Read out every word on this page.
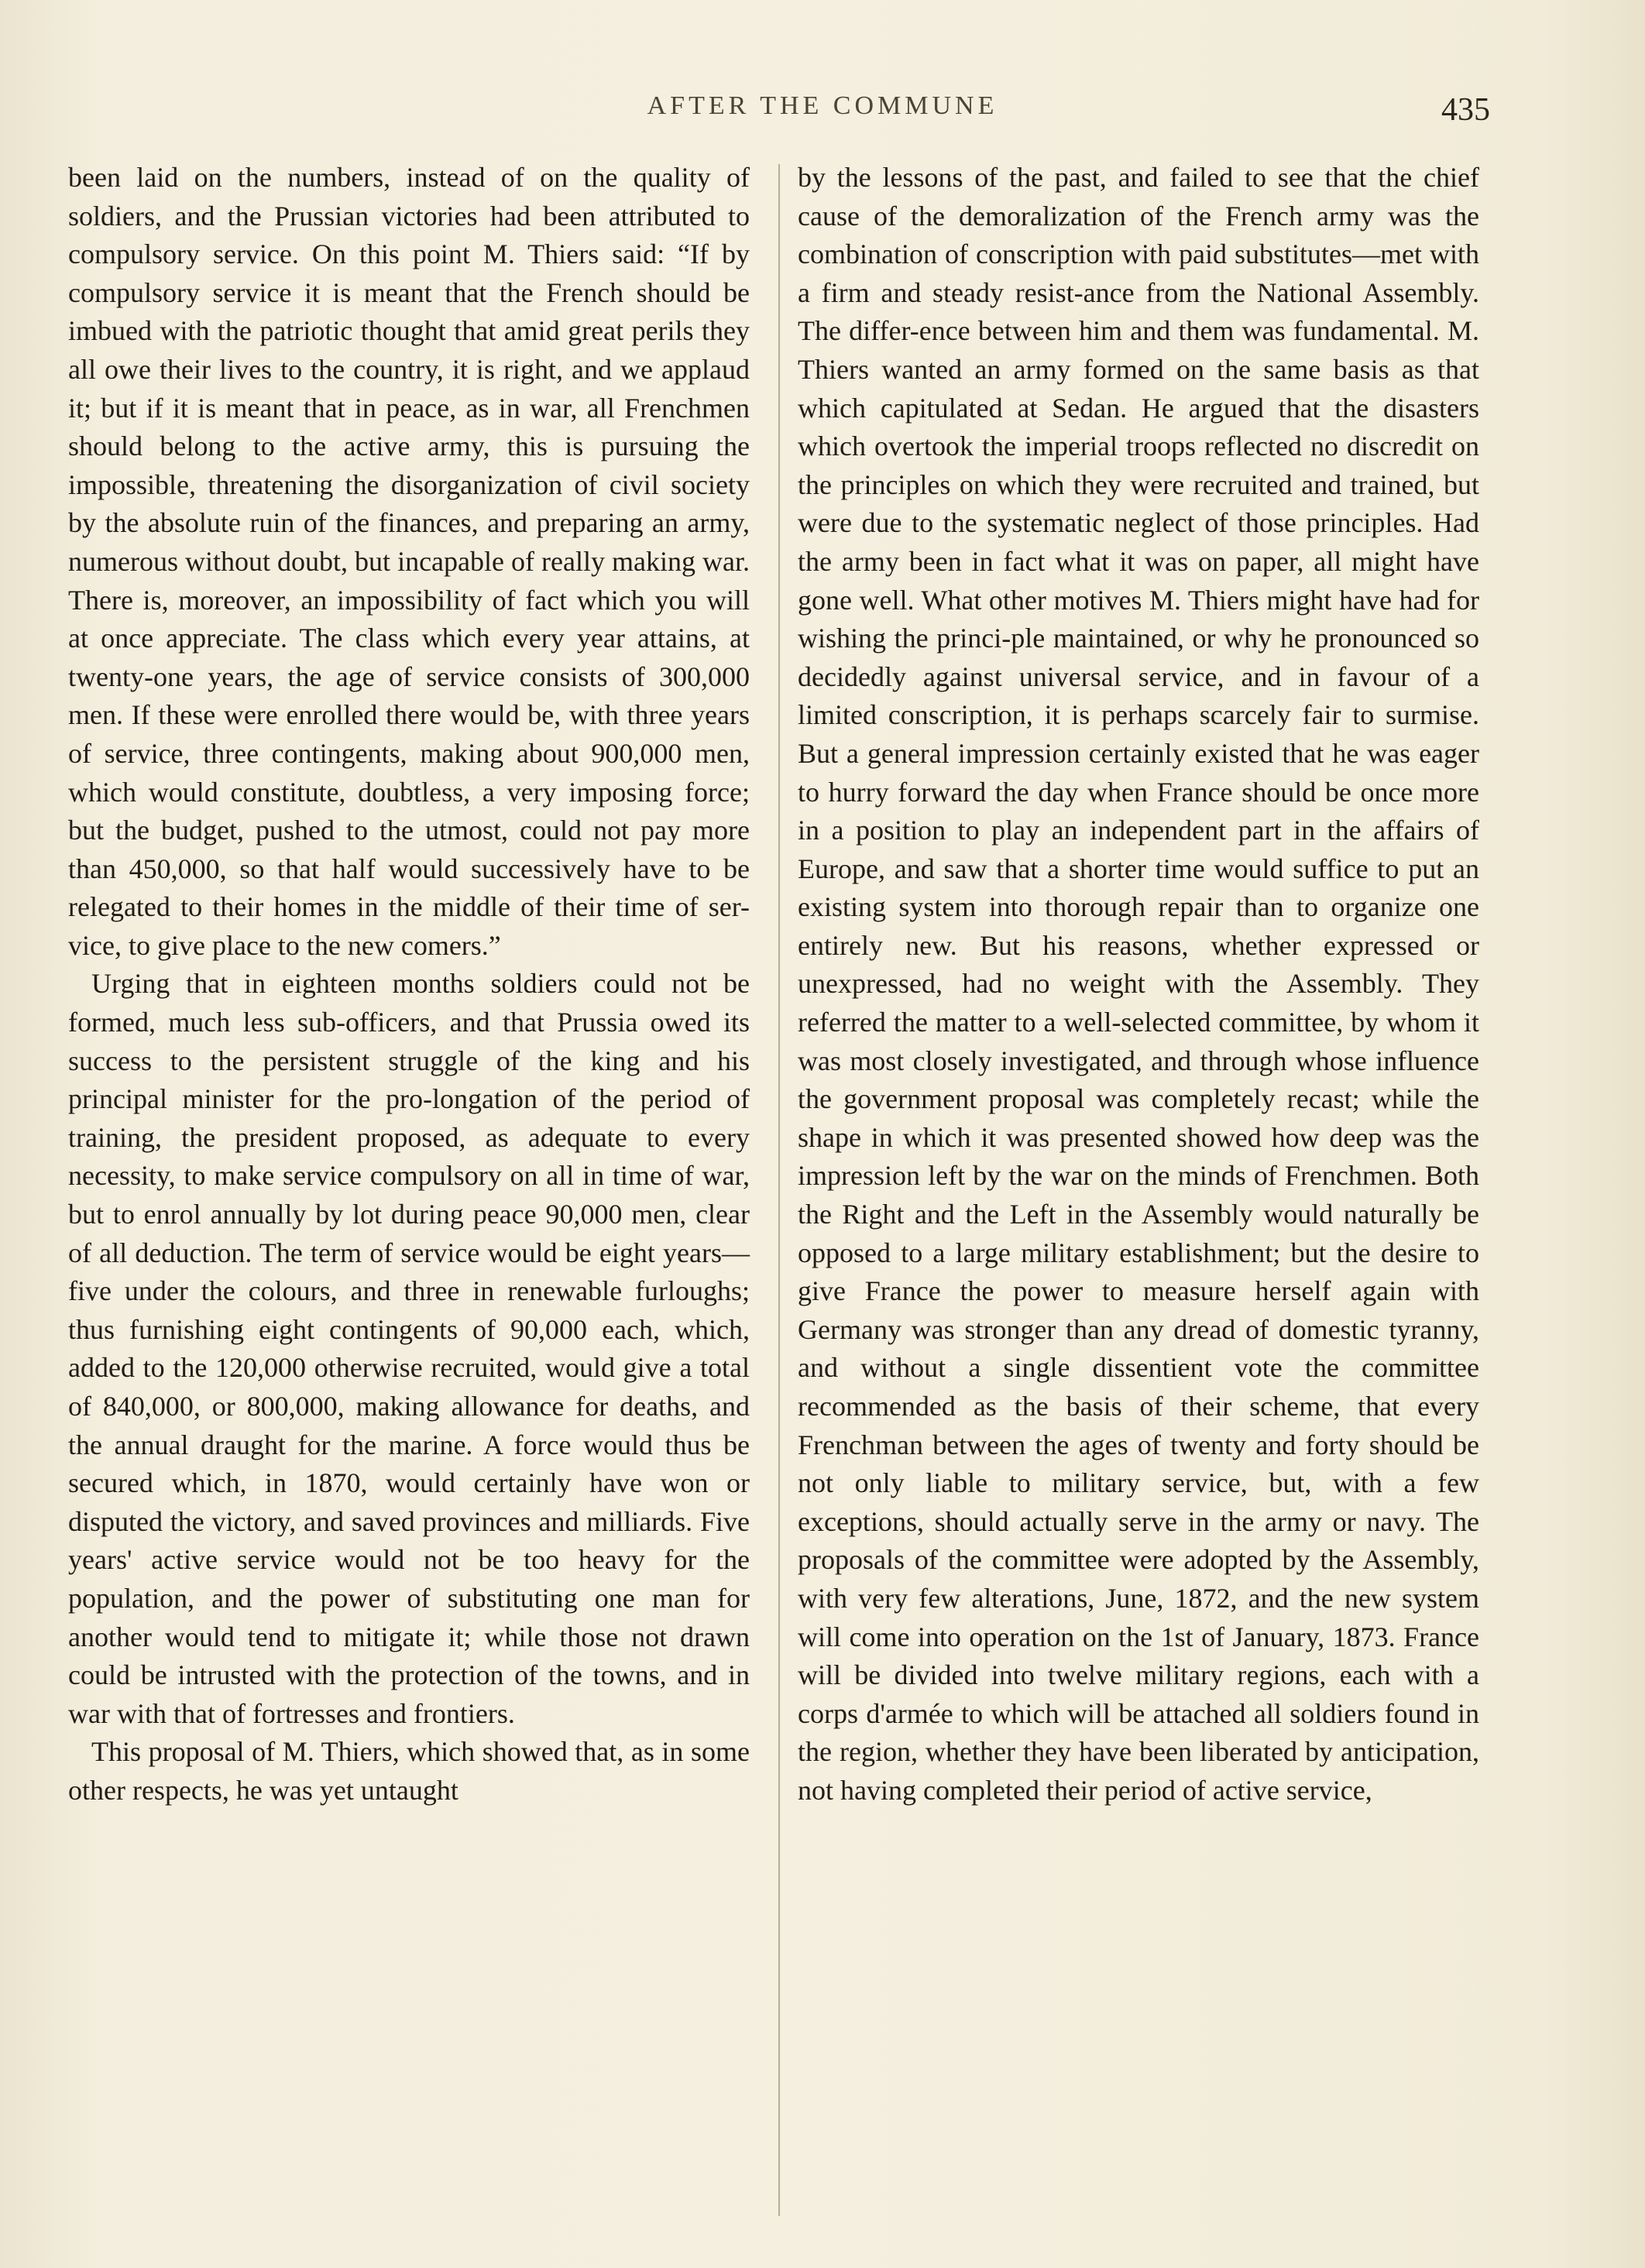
AFTER THE COMMUNE	435

been laid on the numbers, instead of on the quality of soldiers, and the Prussian victories had been attributed to compulsory service. On this point M. Thiers said: “If by compulsory service it is meant that the French should be imbued with the patriotic thought that amid great perils they all owe their lives to the country, it is right, and we applaud it; but if it is meant that in peace, as in war, all Frenchmen should belong to the active army, this is pursuing the impossible, threatening the disorganization of civil society by the absolute ruin of the finances, and preparing an army, numerous without doubt, but incapable of really making war. There is, moreover, an impossibility of fact which you will at once appreciate. The class which every year attains, at twenty-one years, the age of service consists of 300,000 men. If these were enrolled there would be, with three years of service, three contingents, making about 900,000 men, which would constitute, doubtless, a very imposing force; but the budget, pushed to the utmost, could not pay more than 450,000, so that half would successively have to be relegated to their homes in the middle of their time of ser-vice, to give place to the new comers.”

Urging that in eighteen months soldiers could not be formed, much less sub-officers, and that Prussia owed its success to the persistent struggle of the king and his principal minister for the pro-longation of the period of training, the president proposed, as adequate to every necessity, to make service compulsory on all in time of war, but to enrol annually by lot during peace 90,000 men, clear of all deduction. The term of service would be eight years—five under the colours, and three in renewable furloughs; thus furnishing eight contingents of 90,000 each, which, added to the 120,000 otherwise recruited, would give a total of 840,000, or 800,000, making allowance for deaths, and the annual draught for the marine. A force would thus be secured which, in 1870, would certainly have won or disputed the victory, and saved provinces and milliards. Five years' active service would not be too heavy for the population, and the power of substituting one man for another would tend to mitigate it; while those not drawn could be intrusted with the protection of the towns, and in war with that of fortresses and frontiers.

This proposal of M. Thiers, which showed that, as in some other respects, he was yet untaught

by the lessons of the past, and failed to see that the chief cause of the demoralization of the French army was the combination of conscription with paid substitutes—met with a firm and steady resist-ance from the National Assembly. The differ-ence between him and them was fundamental. M. Thiers wanted an army formed on the same basis as that which capitulated at Sedan. He argued that the disasters which overtook the imperial troops reflected no discredit on the principles on which they were recruited and trained, but were due to the systematic neglect of those principles. Had the army been in fact what it was on paper, all might have gone well. What other motives M. Thiers might have had for wishing the princi-ple maintained, or why he pronounced so decidedly against universal service, and in favour of a limited conscription, it is perhaps scarcely fair to surmise. But a general impression certainly existed that he was eager to hurry forward the day when France should be once more in a position to play an independent part in the affairs of Europe, and saw that a shorter time would suffice to put an existing system into thorough repair than to organize one entirely new. But his reasons, whether expressed or unexpressed, had no weight with the Assembly. They referred the matter to a well-selected committee, by whom it was most closely investigated, and through whose influence the government proposal was completely recast; while the shape in which it was presented showed how deep was the impression left by the war on the minds of Frenchmen. Both the Right and the Left in the Assembly would naturally be opposed to a large military establishment; but the desire to give France the power to measure herself again with Germany was stronger than any dread of domestic tyranny, and without a single dissentient vote the committee recommended as the basis of their scheme, that every Frenchman between the ages of twenty and forty should be not only liable to military service, but, with a few exceptions, should actually serve in the army or navy. The proposals of the committee were adopted by the Assembly, with very few alterations, June, 1872, and the new system will come into operation on the 1st of January, 1873. France will be divided into twelve military regions, each with a corps d'armée to which will be attached all soldiers found in the region, whether they have been liberated by anticipation, not having completed their period of active service,
